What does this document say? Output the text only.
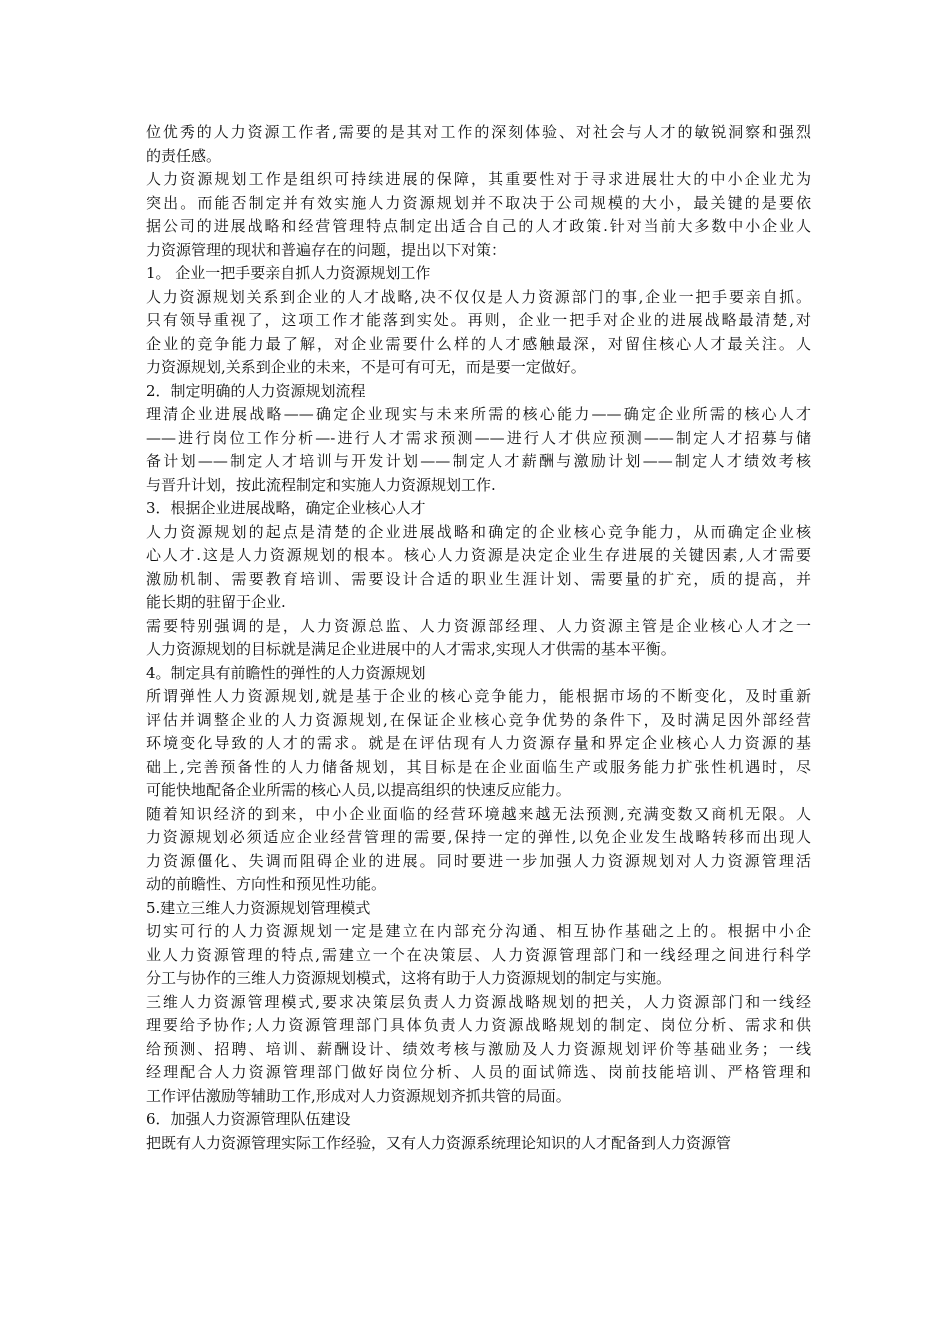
位优秀的人力资源工作者,需要的是其对工作的深刻体验、对社会与人才的敏锐洞察和强烈
的责任感。
人力资源规划工作是组织可持续进展的保障，其重要性对于寻求进展壮大的中小企业尤为
突出。而能否制定并有效实施人力资源规划并不取决于公司规模的大小，最关键的是要依
据公司的进展战略和经营管理特点制定出适合自己的人才政策.针对当前大多数中小企业人
力资源管理的现状和普遍存在的问题，提出以下对策：
1。 企业一把手要亲自抓人力资源规划工作
人力资源规划关系到企业的人才战略,决不仅仅是人力资源部门的事,企业一把手要亲自抓。
只有领导重视了，这项工作才能落到实处。再则，企业一把手对企业的进展战略最清楚,对
企业的竞争能力最了解，对企业需要什么样的人才感触最深，对留住核心人才最关注。人
力资源规划,关系到企业的未来，不是可有可无，而是要一定做好。
2．制定明确的人力资源规划流程
理清企业进展战略——确定企业现实与未来所需的核心能力——确定企业所需的核心人才
——进行岗位工作分析—-进行人才需求预测——进行人才供应预测——制定人才招募与储
备计划——制定人才培训与开发计划——制定人才薪酬与激励计划——制定人才绩效考核
与晋升计划，按此流程制定和实施人力资源规划工作.
3．根据企业进展战略，确定企业核心人才
人力资源规划的起点是清楚的企业进展战略和确定的企业核心竞争能力，从而确定企业核
心人才.这是人力资源规划的根本。核心人力资源是决定企业生存进展的关键因素,人才需要
激励机制、需要教育培训、需要设计合适的职业生涯计划、需要量的扩充，质的提高，并
能长期的驻留于企业.
需要特别强调的是，人力资源总监、人力资源部经理、人力资源主管是企业核心人才之一
人力资源规划的目标就是满足企业进展中的人才需求,实现人才供需的基本平衡。
4。制定具有前瞻性的弹性的人力资源规划
所谓弹性人力资源规划,就是基于企业的核心竞争能力，能根据市场的不断变化，及时重新
评估并调整企业的人力资源规划,在保证企业核心竞争优势的条件下，及时满足因外部经营
环境变化导致的人才的需求。就是在评估现有人力资源存量和界定企业核心人力资源的基
础上,完善预备性的人力储备规划，其目标是在企业面临生产或服务能力扩张性机遇时，尽
可能快地配备企业所需的核心人员,以提高组织的快速反应能力。
随着知识经济的到来，中小企业面临的经营环境越来越无法预测,充满变数又商机无限。人
力资源规划必须适应企业经营管理的需要,保持一定的弹性,以免企业发生战略转移而出现人
力资源僵化、失调而阻碍企业的进展。同时要进一步加强人力资源规划对人力资源管理活
动的前瞻性、方向性和预见性功能。
5.建立三维人力资源规划管理模式
切实可行的人力资源规划一定是建立在内部充分沟通、相互协作基础之上的。根据中小企
业人力资源管理的特点,需建立一个在决策层、人力资源管理部门和一线经理之间进行科学
分工与协作的三维人力资源规划模式，这将有助于人力资源规划的制定与实施。
三维人力资源管理模式,要求决策层负责人力资源战略规划的把关，人力资源部门和一线经
理要给予协作;人力资源管理部门具体负责人力资源战略规划的制定、岗位分析、需求和供
给预测、招聘、培训、薪酬设计、绩效考核与激励及人力资源规划评价等基础业务；一线
经理配合人力资源管理部门做好岗位分析、人员的面试筛选、岗前技能培训、严格管理和
工作评估激励等辅助工作,形成对人力资源规划齐抓共管的局面。
6．加强人力资源管理队伍建设
把既有人力资源管理实际工作经验，又有人力资源系统理论知识的人才配备到人力资源管
